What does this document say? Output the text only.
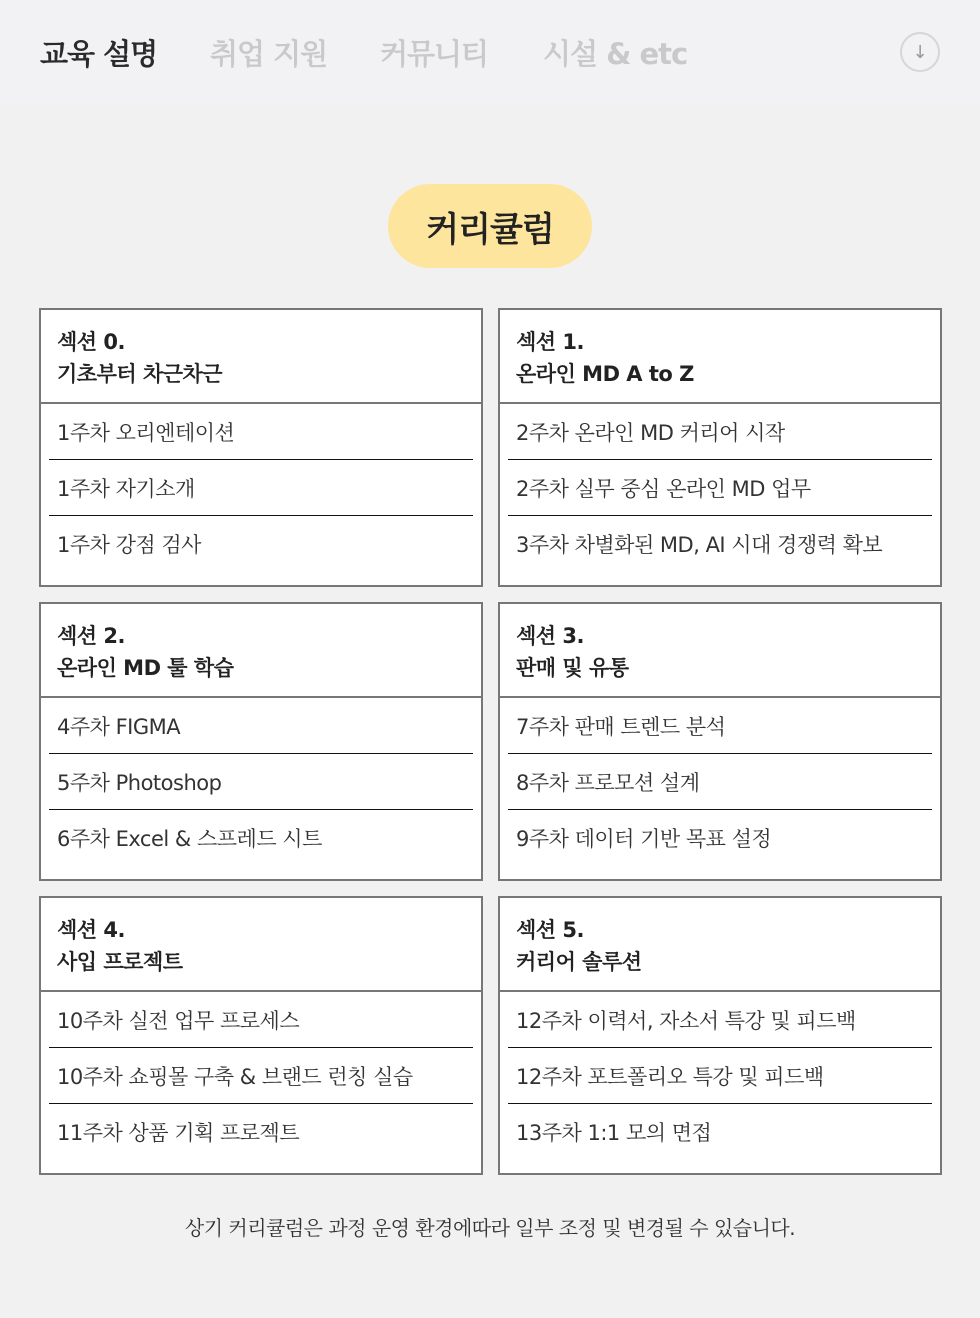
교육 설명 취업 지원 커뮤니티 시설 & etc	↓
커리큘럼
섹션 0.
기초부터 차근차근
1주차 오리엔테이션
1주차 자기소개
1주차 강점 검사
섹션 1.
온라인 MD A to Z
2주차 온라인 MD 커리어 시작
2주차 실무 중심 온라인 MD 업무
3주차 차별화된 MD, AI 시대 경쟁력 확보
섹션 2.
온라인 MD 툴 학습
4주차 FIGMA
5주차 Photoshop
6주차 Excel & 스프레드 시트
섹션 3.
판매 및 유통
7주차 판매 트렌드 분석
8주차 프로모션 설계
9주차 데이터 기반 목표 설정
섹션 4.
사입 프로젝트
10주차 실전 업무 프로세스
10주차 쇼핑몰 구축 & 브랜드 런칭 실습
11주차 상품 기획 프로젝트
섹션 5.
커리어 솔루션
12주차 이력서, 자소서 특강 및 피드백
12주차 포트폴리오 특강 및 피드백
13주차 1:1 모의 면접
상기 커리큘럼은 과정 운영 환경에따라 일부 조정 및 변경될 수 있습니다.
